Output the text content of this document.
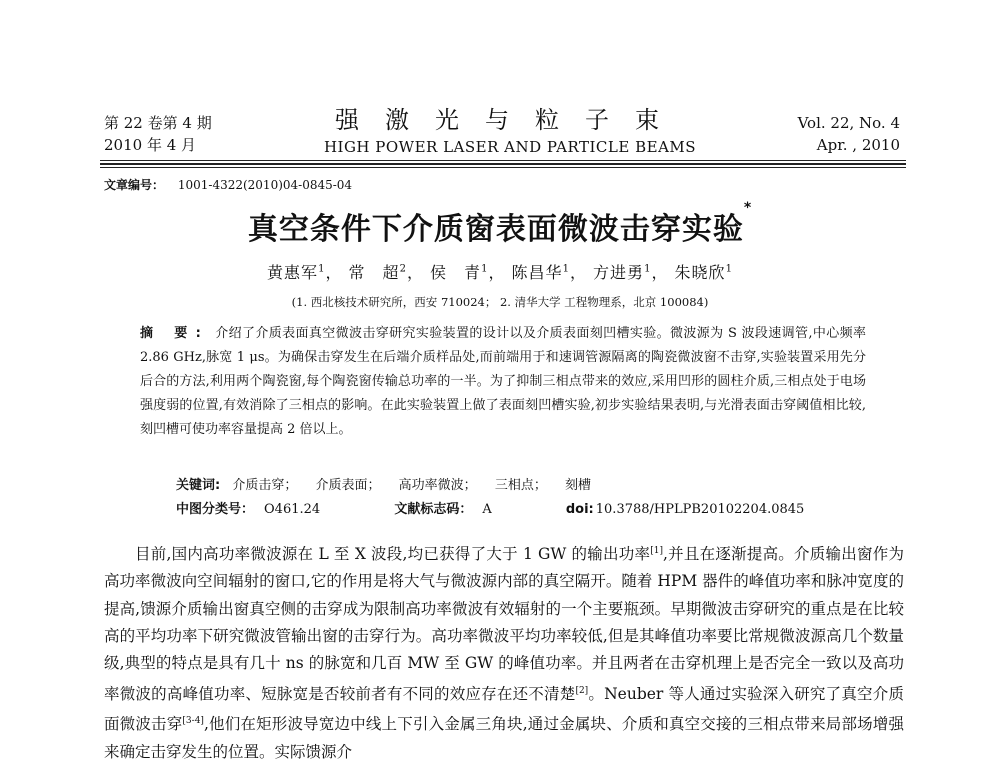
第 22 卷第 4 期
2010 年 4 月
强激光与粒子束
HIGH POWER LASER AND PARTICLE BEAMS
Vol. 22, No. 4
Apr. , 2010
文章编号： 1001-4322(2010)04-0845-04
真空条件下介质窗表面微波击穿实验*
黄惠军$^1$， 常　超$^2$， 侯　青$^1$， 陈昌华$^1$， 方进勇$^1$， 朱晓欣$^1$
(1. 西北核技术研究所，西安 710024； 2. 清华大学 工程物理系，北京 100084)
摘 要: 介绍了介质表面真空微波击穿研究实验装置的设计以及介质表面刻凹槽实验。微波源为 S 波段速调管,中心频率 2.86 GHz,脉宽 1 μs。为确保击穿发生在后端介质样品处,而前端用于和速调管源隔离的陶瓷微波窗不击穿,实验装置采用先分后合的方法,利用两个陶瓷窗,每个陶瓷窗传输总功率的一半。为了抑制三相点带来的效应,采用凹形的圆柱介质,三相点处于电场强度弱的位置,有效消除了三相点的影响。在此实验装置上做了表面刻凹槽实验,初步实验结果表明,与光滑表面击穿阈值相比较,刻凹槽可使功率容量提高 2 倍以上。
关键词: 介质击穿； 介质表面； 高功率微波； 三相点； 刻槽
中图分类号： O461.24	文献标志码： A	doi: 10.3788/HPLPB20102204.0845
目前,国内高功率微波源在 L 至 X 波段,均已获得了大于 1 GW 的输出功率[1],并且在逐渐提高。介质输出窗作为高功率微波向空间辐射的窗口,它的作用是将大气与微波源内部的真空隔开。随着 HPM 器件的峰值功率和脉冲宽度的提高,馈源介质输出窗真空侧的击穿成为限制高功率微波有效辐射的一个主要瓶颈。早期微波击穿研究的重点是在比较高的平均功率下研究微波管输出窗的击穿行为。高功率微波平均功率较低,但是其峰值功率要比常规微波源高几个数量级,典型的特点是具有几十 ns 的脉宽和几百 MW 至 GW 的峰值功率。并且两者在击穿机理上是否完全一致以及高功率微波的高峰值功率、短脉宽是否较前者有不同的效应存在还不清楚[2]。Neuber 等人通过实验深入研究了真空介质面微波击穿[3-4],他们在矩形波导宽边中线上下引入金属三角块,通过金属块、介质和真空交接的三相点带来局部场增强来确定击穿发生的位置。实际馈源介
